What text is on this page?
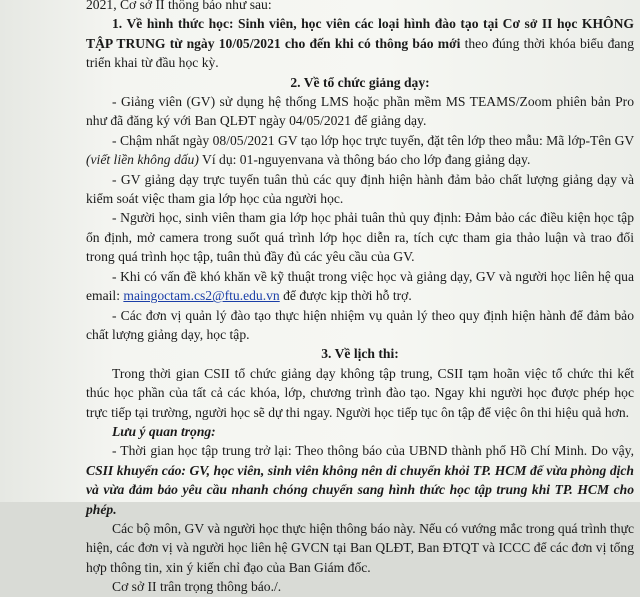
2021, Cơ sở II thông báo như sau:

1. Về hình thức học: Sinh viên, học viên các loại hình đào tạo tại Cơ sở II học KHÔNG TẬP TRUNG từ ngày 10/05/2021 cho đến khi có thông báo mới theo đúng thời khóa biểu đang triển khai từ đầu học kỳ.

2. Về tổ chức giảng dạy:

- Giảng viên (GV) sử dụng hệ thống LMS hoặc phần mềm MS TEAMS/Zoom phiên bản Pro như đã đăng ký với Ban QLĐT ngày 04/05/2021 để giảng dạy.

- Chậm nhất ngày 08/05/2021 GV tạo lớp học trực tuyến, đặt tên lớp theo mẫu: Mã lớp-Tên GV (viết liền không dấu) Ví dụ: 01-nguyenvana và thông báo cho lớp đang giảng dạy.

- GV giảng dạy trực tuyến tuân thủ các quy định hiện hành đảm bảo chất lượng giảng dạy và kiểm soát việc tham gia lớp học của người học.

- Người học, sinh viên tham gia lớp học phải tuân thủ quy định: Đảm bảo các điều kiện học tập ổn định, mở camera trong suốt quá trình lớp học diễn ra, tích cực tham gia thảo luận và trao đổi trong quá trình học tập, tuân thủ đầy đủ các yêu cầu của GV.

- Khi có vấn đề khó khăn về kỹ thuật trong việc học và giảng dạy, GV và người học liên hệ qua email: maingoctam.cs2@ftu.edu.vn để được kịp thời hỗ trợ.

- Các đơn vị quản lý đào tạo thực hiện nhiệm vụ quản lý theo quy định hiện hành để đảm bảo chất lượng giảng dạy, học tập.

3. Về lịch thi:

Trong thời gian CSII tổ chức giảng dạy không tập trung, CSII tạm hoãn việc tổ chức thi kết thúc học phần của tất cả các khóa, lớp, chương trình đào tạo. Ngay khi người học được phép học trực tiếp tại trường, người học sẽ dự thi ngay. Người học tiếp tục ôn tập để việc ôn thi hiệu quả hơn.

Lưu ý quan trọng:

- Thời gian học tập trung trở lại: Theo thông báo của UBND thành phố Hồ Chí Minh. Do vậy, CSII khuyến cáo: GV, học viên, sinh viên không nên di chuyển khỏi TP. HCM để vừa phòng dịch và vừa đảm bảo yêu cầu nhanh chóng chuyển sang hình thức học tập trung khi TP. HCM cho phép.

Các bộ môn, GV và người học thực hiện thông báo này. Nếu có vướng mắc trong quá trình thực hiện, các đơn vị và người học liên hệ GVCN tại Ban QLĐT, Ban ĐTQT và ICCC để các đơn vị tổng hợp thông tin, xin ý kiến chỉ đạo của Ban Giám đốc.

Cơ sở II trân trọng thông báo./.
